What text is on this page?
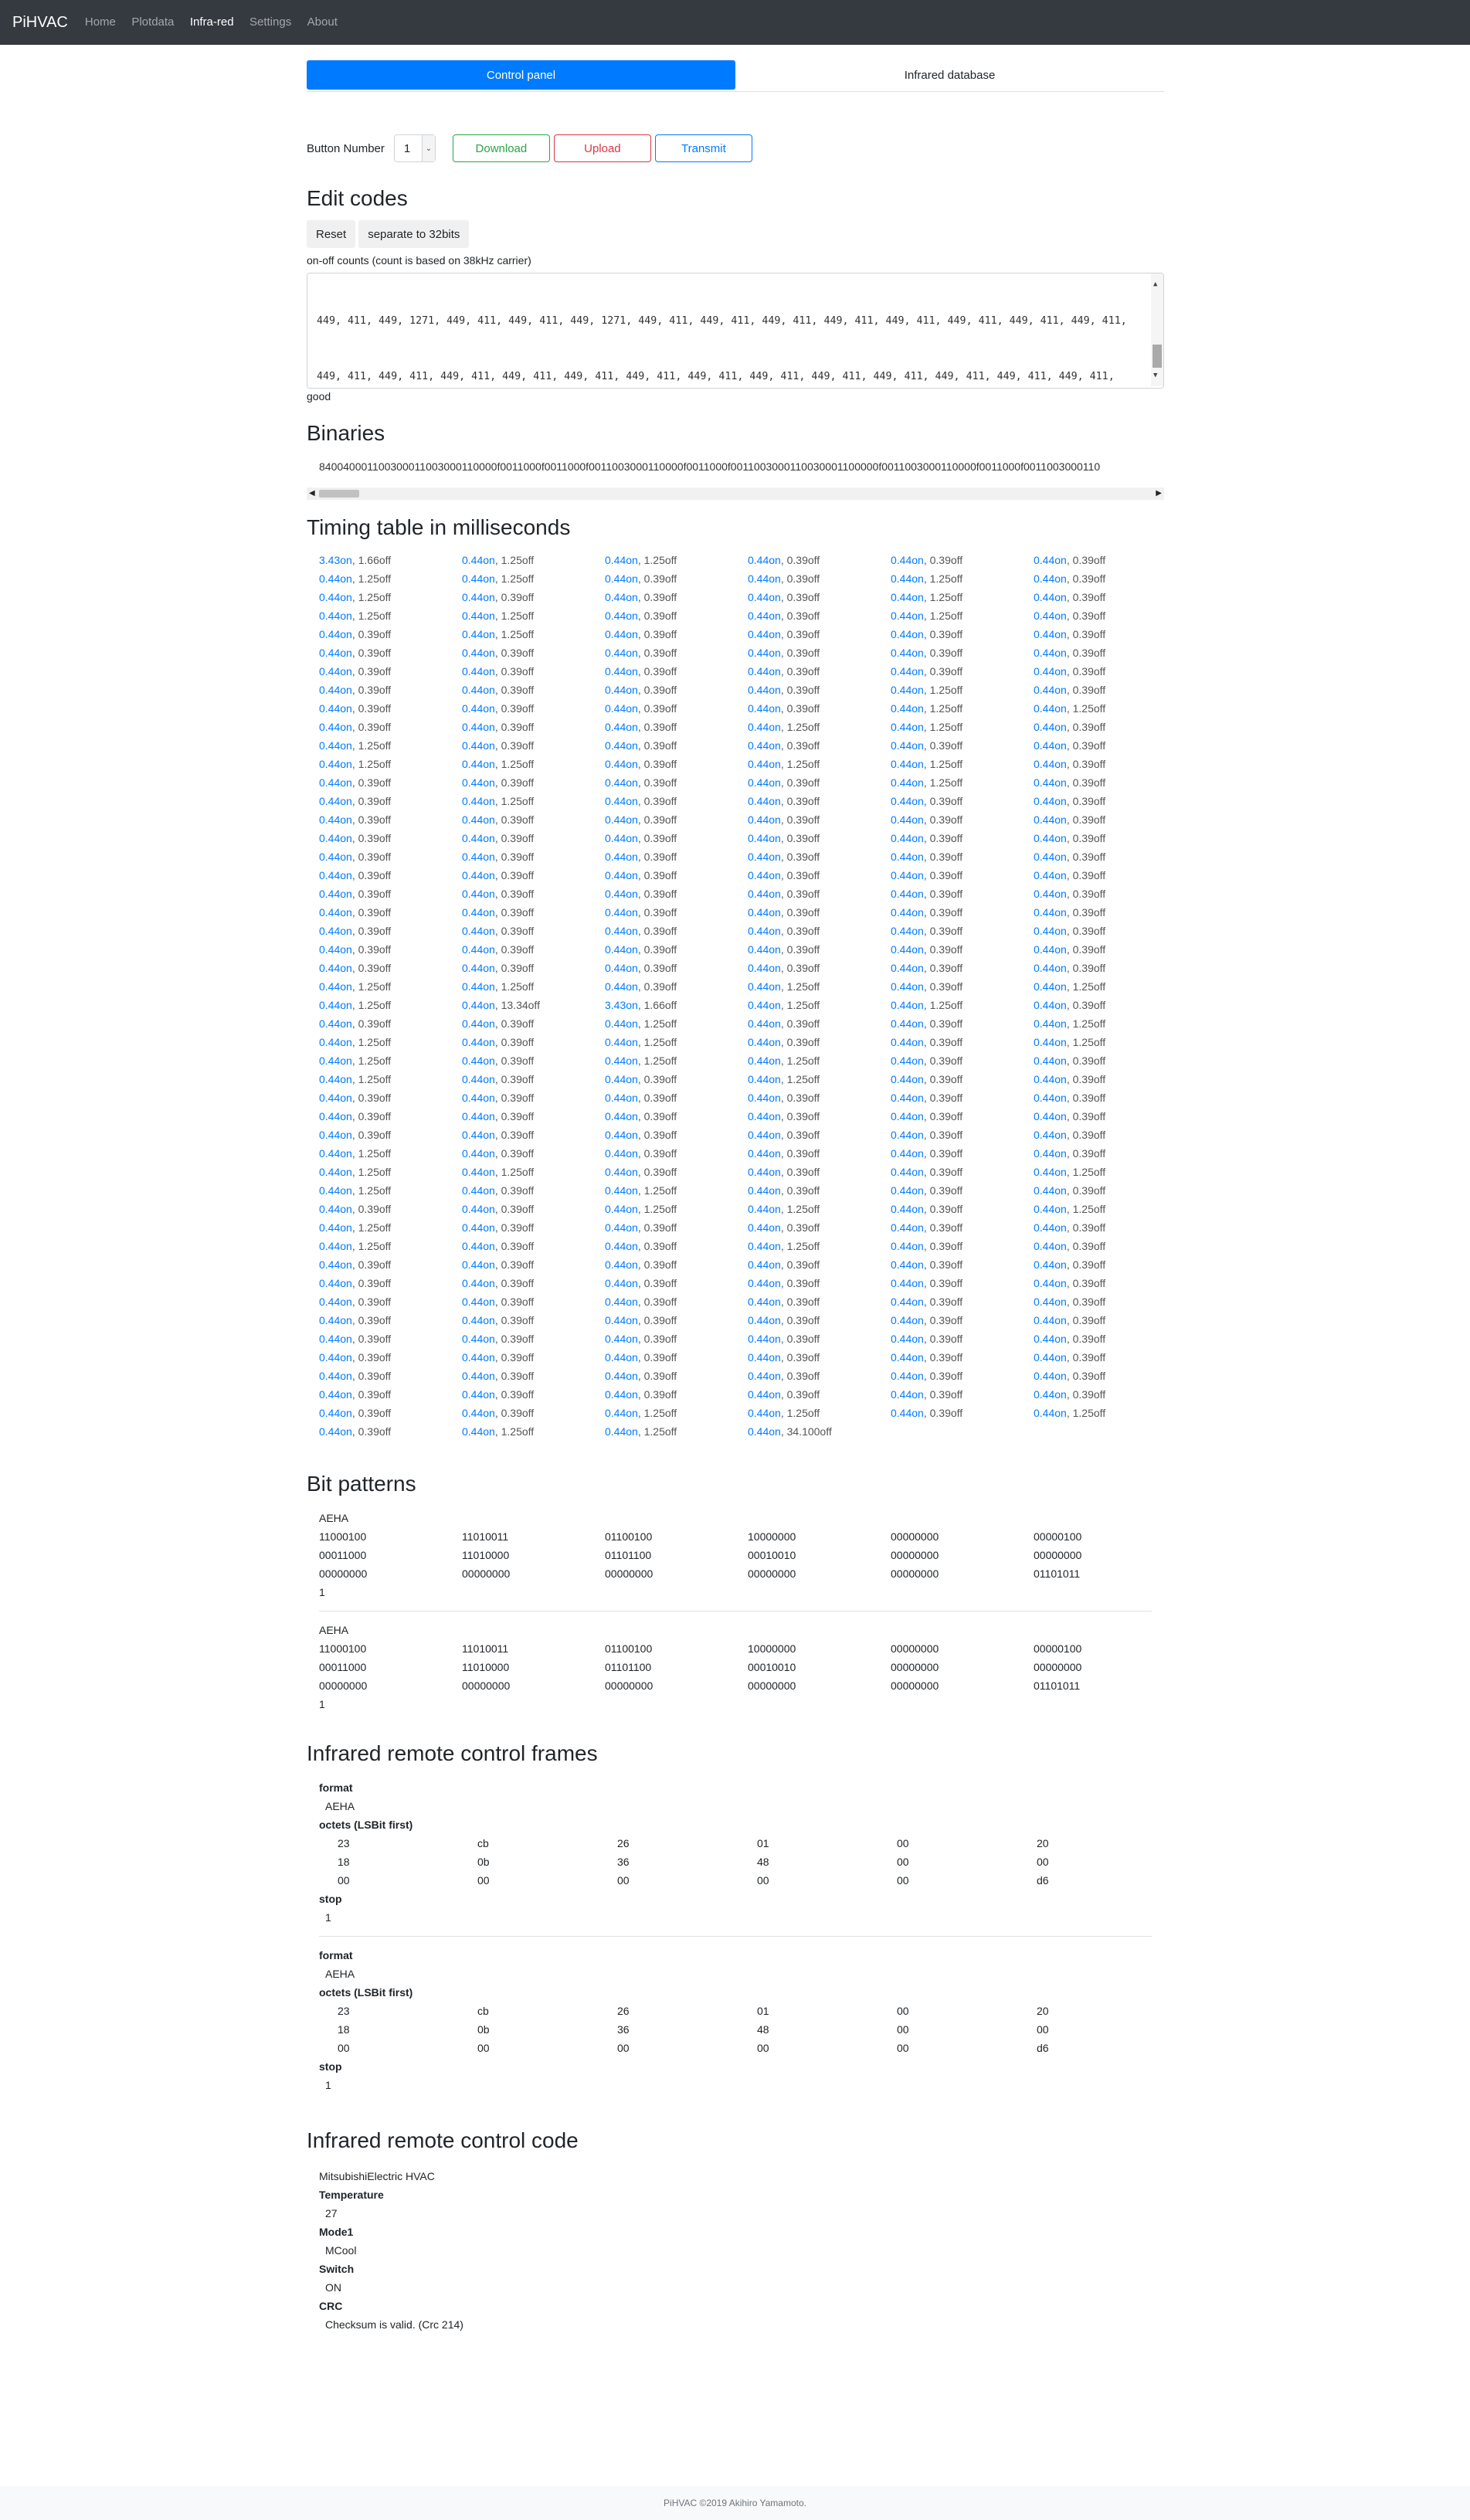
PiHVAC Home Plotdata Infra-red Settings About
Control panel	Infrared database
Button Number 1	⌄	Download	Upload	Transmit
Edit codes
Reset	separate to 32bits
on-off counts (count is based on 38kHz carrier)

449, 411, 449, 1271, 449, 411, 449, 411, 449, 1271, 449, 411, 449, 411, 449, 411, 449, 411, 449, 411, 449, 411, 449, 411, 449, 411,

449, 411, 449, 411, 449, 411, 449, 411, 449, 411, 449, 411, 449, 411, 449, 411, 449, 411, 449, 411, 449, 411, 449, 411, 449, 411,

▲

▼

good
Binaries
840040001100300011003000110000f0011000f0011000f0011003000110000f0011000f0011003000110030001100000f0011003000110000f0011000f0011003000110
◀	▶
Timing table in milliseconds
3.43on, 1.66off	0.44on, 1.25off	0.44on, 1.25off	0.44on, 0.39off	0.44on, 0.39off	0.44on, 0.39off
0.44on, 1.25off	0.44on, 1.25off	0.44on, 0.39off	0.44on, 0.39off	0.44on, 1.25off	0.44on, 0.39off
0.44on, 1.25off	0.44on, 0.39off	0.44on, 0.39off	0.44on, 0.39off	0.44on, 1.25off	0.44on, 0.39off
0.44on, 1.25off	0.44on, 1.25off	0.44on, 0.39off	0.44on, 0.39off	0.44on, 1.25off	0.44on, 0.39off
0.44on, 0.39off	0.44on, 1.25off	0.44on, 0.39off	0.44on, 0.39off	0.44on, 0.39off	0.44on, 0.39off
0.44on, 0.39off	0.44on, 0.39off	0.44on, 0.39off	0.44on, 0.39off	0.44on, 0.39off	0.44on, 0.39off
0.44on, 0.39off	0.44on, 0.39off	0.44on, 0.39off	0.44on, 0.39off	0.44on, 0.39off	0.44on, 0.39off
0.44on, 0.39off	0.44on, 0.39off	0.44on, 0.39off	0.44on, 0.39off	0.44on, 1.25off	0.44on, 0.39off
0.44on, 0.39off	0.44on, 0.39off	0.44on, 0.39off	0.44on, 0.39off	0.44on, 1.25off	0.44on, 1.25off
0.44on, 0.39off	0.44on, 0.39off	0.44on, 0.39off	0.44on, 1.25off	0.44on, 1.25off	0.44on, 0.39off
0.44on, 1.25off	0.44on, 0.39off	0.44on, 0.39off	0.44on, 0.39off	0.44on, 0.39off	0.44on, 0.39off
0.44on, 1.25off	0.44on, 1.25off	0.44on, 0.39off	0.44on, 1.25off	0.44on, 1.25off	0.44on, 0.39off
0.44on, 0.39off	0.44on, 0.39off	0.44on, 0.39off	0.44on, 0.39off	0.44on, 1.25off	0.44on, 0.39off
0.44on, 0.39off	0.44on, 1.25off	0.44on, 0.39off	0.44on, 0.39off	0.44on, 0.39off	0.44on, 0.39off
0.44on, 0.39off	0.44on, 0.39off	0.44on, 0.39off	0.44on, 0.39off	0.44on, 0.39off	0.44on, 0.39off
0.44on, 0.39off	0.44on, 0.39off	0.44on, 0.39off	0.44on, 0.39off	0.44on, 0.39off	0.44on, 0.39off
0.44on, 0.39off	0.44on, 0.39off	0.44on, 0.39off	0.44on, 0.39off	0.44on, 0.39off	0.44on, 0.39off
0.44on, 0.39off	0.44on, 0.39off	0.44on, 0.39off	0.44on, 0.39off	0.44on, 0.39off	0.44on, 0.39off
0.44on, 0.39off	0.44on, 0.39off	0.44on, 0.39off	0.44on, 0.39off	0.44on, 0.39off	0.44on, 0.39off
0.44on, 0.39off	0.44on, 0.39off	0.44on, 0.39off	0.44on, 0.39off	0.44on, 0.39off	0.44on, 0.39off
0.44on, 0.39off	0.44on, 0.39off	0.44on, 0.39off	0.44on, 0.39off	0.44on, 0.39off	0.44on, 0.39off
0.44on, 0.39off	0.44on, 0.39off	0.44on, 0.39off	0.44on, 0.39off	0.44on, 0.39off	0.44on, 0.39off
0.44on, 0.39off	0.44on, 0.39off	0.44on, 0.39off	0.44on, 0.39off	0.44on, 0.39off	0.44on, 0.39off
0.44on, 1.25off	0.44on, 1.25off	0.44on, 0.39off	0.44on, 1.25off	0.44on, 0.39off	0.44on, 1.25off
0.44on, 1.25off	0.44on, 13.34off	3.43on, 1.66off	0.44on, 1.25off	0.44on, 1.25off	0.44on, 0.39off
0.44on, 0.39off	0.44on, 0.39off	0.44on, 1.25off	0.44on, 0.39off	0.44on, 0.39off	0.44on, 1.25off
0.44on, 1.25off	0.44on, 0.39off	0.44on, 1.25off	0.44on, 0.39off	0.44on, 0.39off	0.44on, 1.25off
0.44on, 1.25off	0.44on, 0.39off	0.44on, 1.25off	0.44on, 1.25off	0.44on, 0.39off	0.44on, 0.39off
0.44on, 1.25off	0.44on, 0.39off	0.44on, 0.39off	0.44on, 1.25off	0.44on, 0.39off	0.44on, 0.39off
0.44on, 0.39off	0.44on, 0.39off	0.44on, 0.39off	0.44on, 0.39off	0.44on, 0.39off	0.44on, 0.39off
0.44on, 0.39off	0.44on, 0.39off	0.44on, 0.39off	0.44on, 0.39off	0.44on, 0.39off	0.44on, 0.39off
0.44on, 0.39off	0.44on, 0.39off	0.44on, 0.39off	0.44on, 0.39off	0.44on, 0.39off	0.44on, 0.39off
0.44on, 1.25off	0.44on, 0.39off	0.44on, 0.39off	0.44on, 0.39off	0.44on, 0.39off	0.44on, 0.39off
0.44on, 1.25off	0.44on, 1.25off	0.44on, 0.39off	0.44on, 0.39off	0.44on, 0.39off	0.44on, 1.25off
0.44on, 1.25off	0.44on, 0.39off	0.44on, 1.25off	0.44on, 0.39off	0.44on, 0.39off	0.44on, 0.39off
0.44on, 0.39off	0.44on, 0.39off	0.44on, 1.25off	0.44on, 1.25off	0.44on, 0.39off	0.44on, 1.25off
0.44on, 1.25off	0.44on, 0.39off	0.44on, 0.39off	0.44on, 0.39off	0.44on, 0.39off	0.44on, 0.39off
0.44on, 1.25off	0.44on, 0.39off	0.44on, 0.39off	0.44on, 1.25off	0.44on, 0.39off	0.44on, 0.39off
0.44on, 0.39off	0.44on, 0.39off	0.44on, 0.39off	0.44on, 0.39off	0.44on, 0.39off	0.44on, 0.39off
0.44on, 0.39off	0.44on, 0.39off	0.44on, 0.39off	0.44on, 0.39off	0.44on, 0.39off	0.44on, 0.39off
0.44on, 0.39off	0.44on, 0.39off	0.44on, 0.39off	0.44on, 0.39off	0.44on, 0.39off	0.44on, 0.39off
0.44on, 0.39off	0.44on, 0.39off	0.44on, 0.39off	0.44on, 0.39off	0.44on, 0.39off	0.44on, 0.39off
0.44on, 0.39off	0.44on, 0.39off	0.44on, 0.39off	0.44on, 0.39off	0.44on, 0.39off	0.44on, 0.39off
0.44on, 0.39off	0.44on, 0.39off	0.44on, 0.39off	0.44on, 0.39off	0.44on, 0.39off	0.44on, 0.39off
0.44on, 0.39off	0.44on, 0.39off	0.44on, 0.39off	0.44on, 0.39off	0.44on, 0.39off	0.44on, 0.39off
0.44on, 0.39off	0.44on, 0.39off	0.44on, 0.39off	0.44on, 0.39off	0.44on, 0.39off	0.44on, 0.39off
0.44on, 0.39off	0.44on, 0.39off	0.44on, 1.25off	0.44on, 1.25off	0.44on, 0.39off	0.44on, 1.25off
0.44on, 0.39off	0.44on, 1.25off	0.44on, 1.25off	0.44on, 34.100off
Bit patterns
AEHA
11000100	11010011	01100100	10000000	00000000	00000100
00011000	11010000	01101100	00010010	00000000	00000000
00000000	00000000	00000000	00000000	00000000	01101011
1
AEHA
11000100	11010011	01100100	10000000	00000000	00000100
00011000	11010000	01101100	00010010	00000000	00000000
00000000	00000000	00000000	00000000	00000000	01101011
1
Infrared remote control frames
format
AEHA
octets (LSBit first)
23	cb	26	01	00	20
18	0b	36	48	00	00
00	00	00	00	00	d6
stop
1
format
AEHA
octets (LSBit first)
23	cb	26	01	00	20
18	0b	36	48	00	00
00	00	00	00	00	d6
stop
1
Infrared remote control code
MitsubishiElectric HVAC
Temperature
27
Mode1
MCool
Switch
ON
CRC
Checksum is valid. (Crc 214)
PiHVAC ©2019 Akihiro Yamamoto.
